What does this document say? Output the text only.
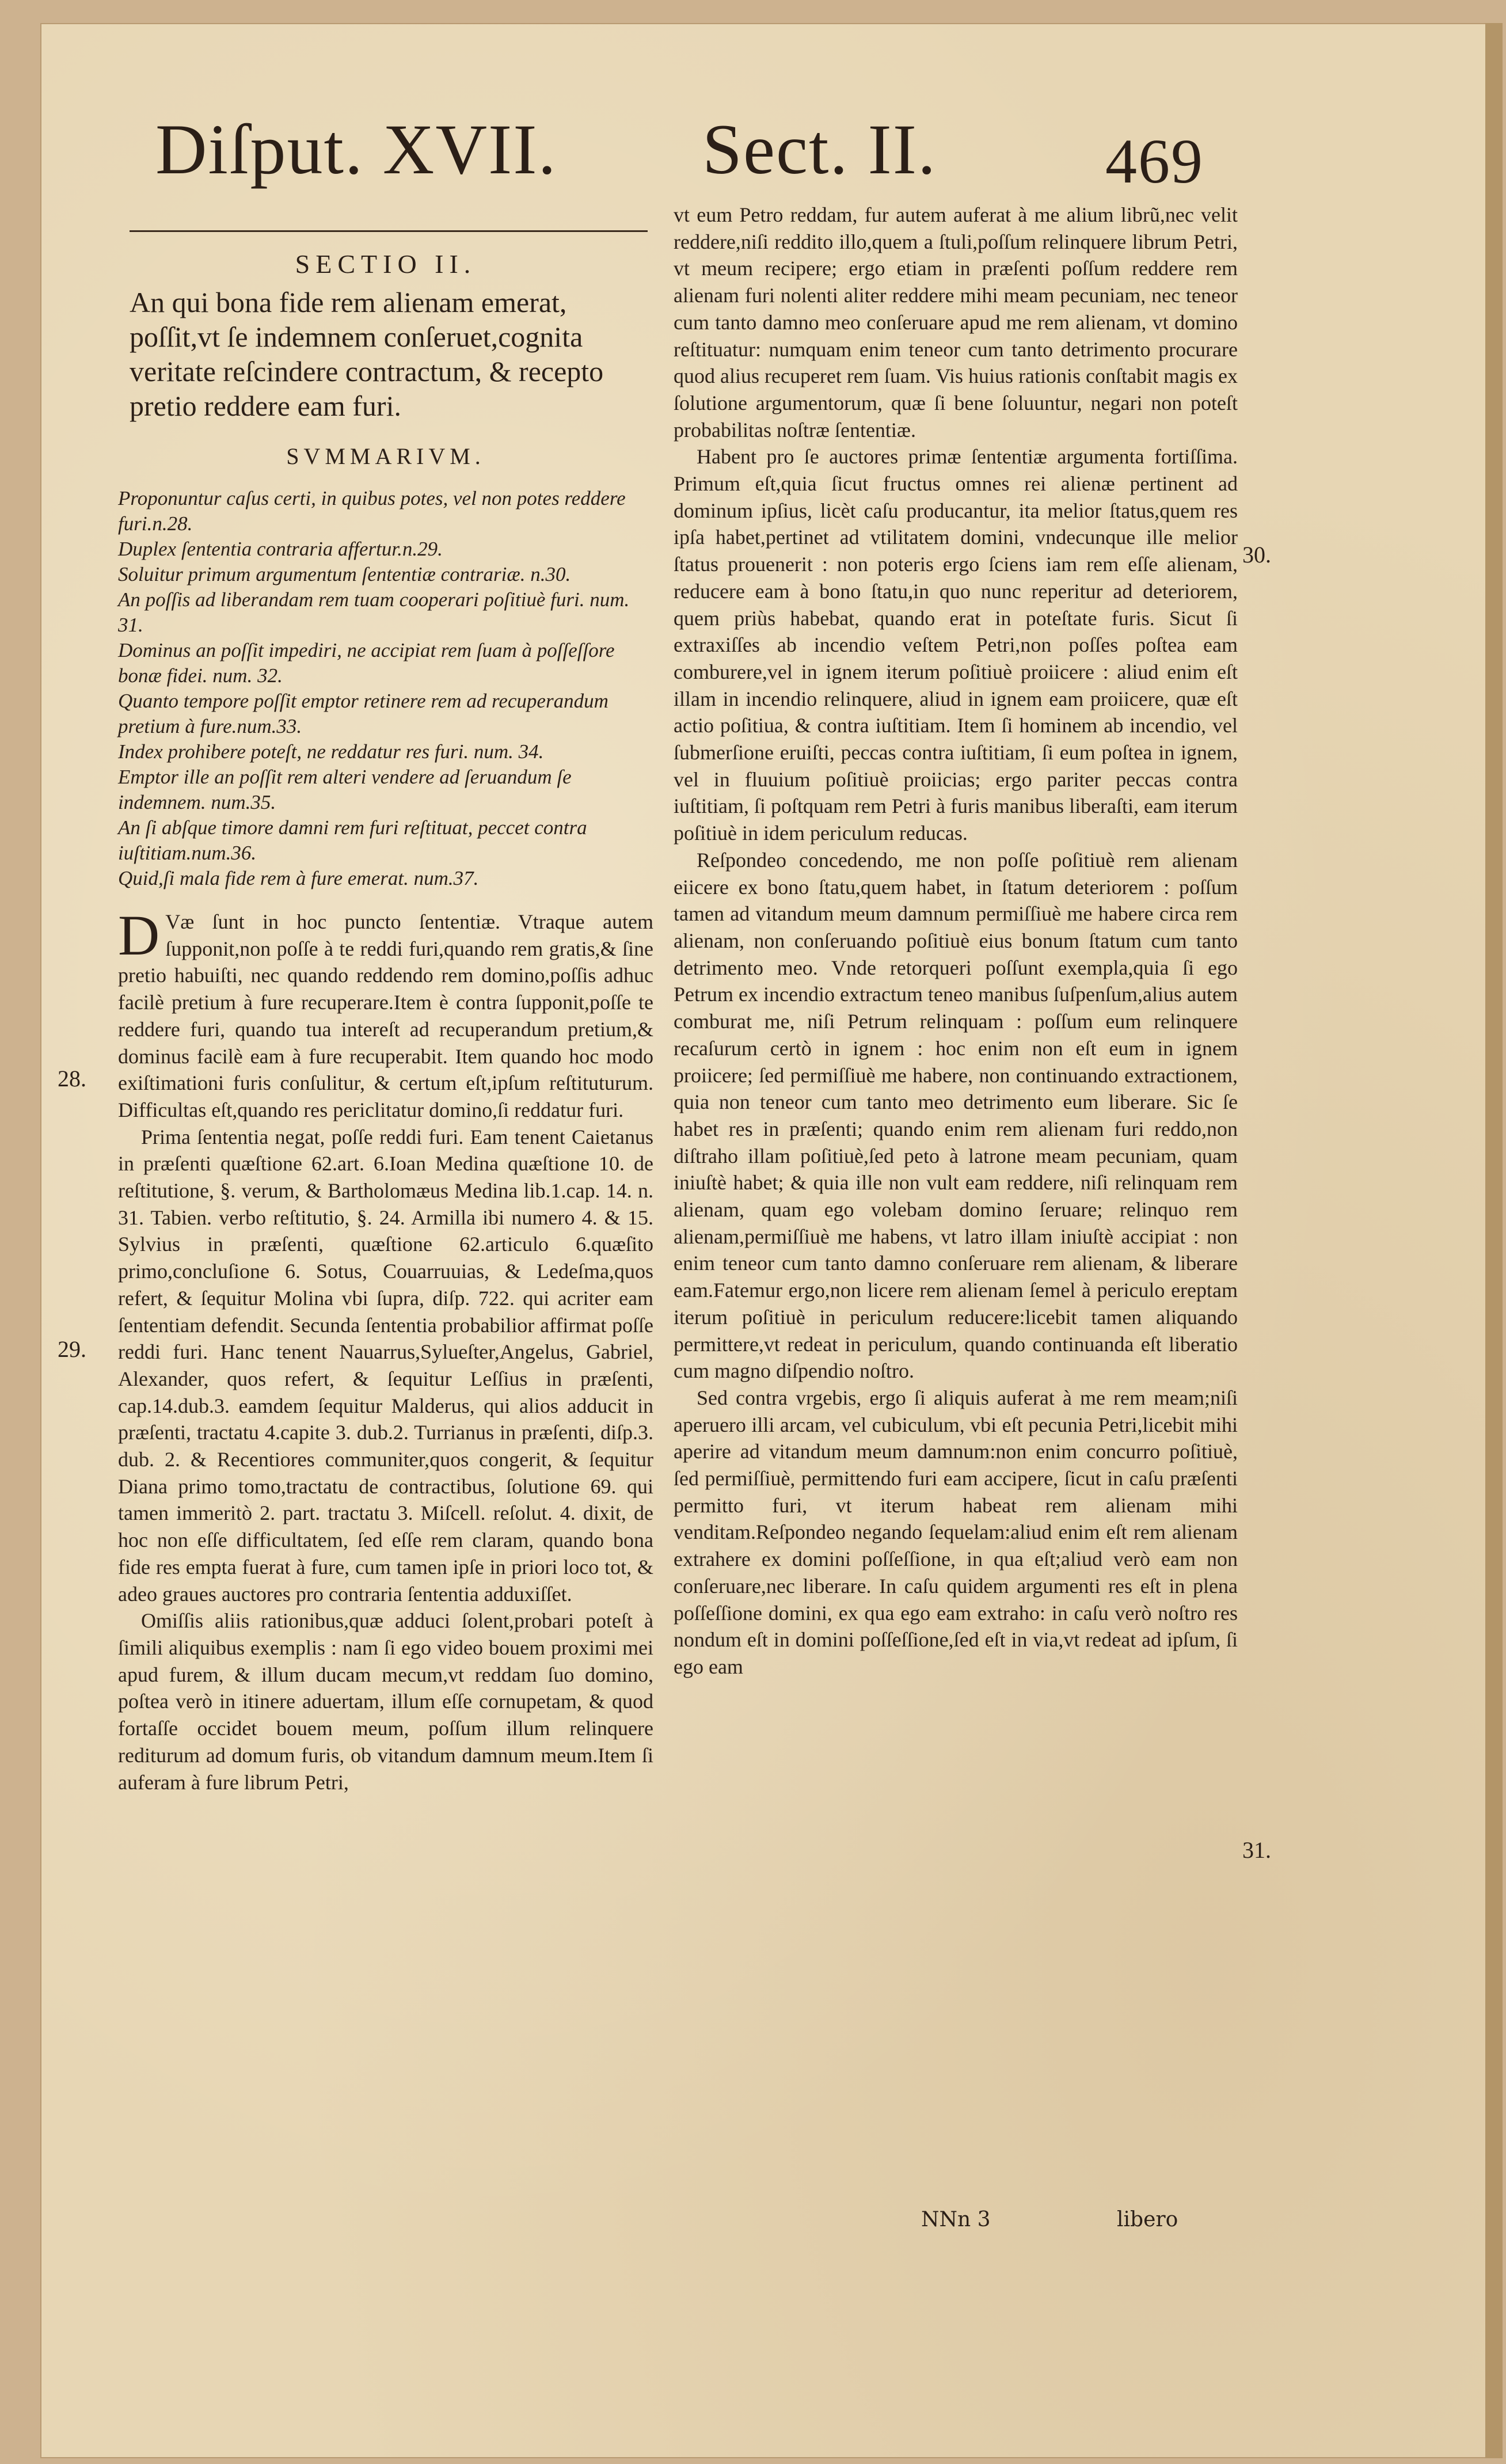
Diſput. XVII. Sect. II.	469
SECTIO II.

An qui bona fide rem alienam emerat, poſſit,vt ſe indemnem conſeruet,cognita veritate reſcindere contractum, & recepto pretio reddere eam furi.

SVMMARIVM.
Proponuntur caſus certi, in quibus potes, vel non potes reddere furi.n.28.
Duplex ſententia contraria affertur.n.29.
Soluitur primum argumentum ſententiæ contrariæ. n.30.
An poſſis ad liberandam rem tuam cooperari poſitiuè furi. num. 31.
Dominus an poſſit impediri, ne accipiat rem ſuam à poſſeſſore bonæ fidei. num. 32.
Quanto tempore poſſit emptor retinere rem ad recuperandum pretium à fure.num.33.
Index prohibere poteſt, ne reddatur res furi. num. 34.
Emptor ille an poſſit rem alteri vendere ad ſeruandum ſe indemnem. num.35.
An ſi abſque timore damni rem furi reſtituat, peccet contra iuſtitiam.num.36.
Quid,ſi mala fide rem à fure emerat. num.37.
D Væ ſunt in hoc puncto ſententiæ. Vtraque autem ſupponit,non poſſe à te reddi furi,quando rem gratis,& ſine pretio habuiſti, nec quando reddendo rem domino,poſſis adhuc facilè pretium à fure recuperare.Item è contra ſupponit,poſſe te reddere furi, quando tua intereſt ad recuperandum pretium,& dominus facilè eam à fure recuperabit. Item quando hoc modo exiſtimationi furis conſulitur, & certum eſt,ipſum reſtituturum. Difficultas eſt,quando res periclitatur domino,ſi reddatur furi.

Prima ſententia negat, poſſe reddi furi. Eam tenent Caietanus in præſenti quæſtione 62.art. 6.Ioan Medina quæſtione 10. de reſtitutione, §. verum, & Bartholomæus Medina lib.1.cap. 14. n. 31. Tabien. verbo reſtitutio, §. 24. Armilla ibi numero 4. & 15. Sylvius in præſenti, quæſtione 62.articulo 6.quæſito primo,concluſione 6. Sotus, Couarruuias, & Ledeſma,quos refert, & ſequitur Molina vbi ſupra, diſp. 722. qui acriter eam ſententiam defendit. Secunda ſententia probabilior affirmat poſſe reddi furi. Hanc tenent Nauarrus,Sylueſter,Angelus, Gabriel, Alexander, quos refert, & ſequitur Leſſius in præſenti, cap.14.dub.3. eamdem ſequitur Malderus, qui alios adducit in præſenti, tractatu 4.capite 3. dub.2. Turrianus in præſenti, diſp.3. dub. 2. & Recentiores communiter,quos congerit, & ſequitur Diana primo tomo,tractatu de contractibus, ſolutione 69. qui tamen immeritò 2. part. tractatu 3. Miſcell. reſolut. 4. dixit, de hoc non eſſe difficultatem, ſed eſſe rem claram, quando bona fide res empta fuerat à fure, cum tamen ipſe in priori loco tot, & adeo graues auctores pro contraria ſententia adduxiſſet.

Omiſſis aliis rationibus,quæ adduci ſolent,probari poteſt à ſimili aliquibus exemplis : nam ſi ego video bouem proximi mei apud furem, & illum ducam mecum,vt reddam ſuo domino, poſtea verò in itinere aduertam, illum eſſe cornupetam, & quod fortaſſe occidet bouem meum, poſſum illum relinquere rediturum ad domum furis, ob vitandum damnum meum.Item ſi auferam à fure librum Petri,

vt eum Petro reddam, fur autem auferat à me alium librũ,nec velit reddere,niſi reddito illo,quem a ſtuli,poſſum relinquere librum Petri, vt meum recipere; ergo etiam in præſenti poſſum reddere rem alienam furi nolenti aliter reddere mihi meam pecuniam, nec teneor cum tanto damno meo conſeruare apud me rem alienam, vt domino reſtituatur: numquam enim teneor cum tanto detrimento procurare quod alius recuperet rem ſuam. Vis huius rationis conſtabit magis ex ſolutione argumentorum, quæ ſi bene ſoluuntur, negari non poteſt probabilitas noſtræ ſententiæ.

Habent pro ſe auctores primæ ſententiæ argumenta fortiſſima. Primum eſt,quia ſicut fructus omnes rei alienæ pertinent ad dominum ipſius, licèt caſu producantur, ita melior ſtatus,quem res ipſa habet,pertinet ad vtilitatem domini, vndecunque ille melior ſtatus prouenerit : non poteris ergo ſciens iam rem eſſe alienam, reducere eam à bono ſtatu,in quo nunc reperitur ad deteriorem, quem priùs habebat, quando erat in poteſtate furis. Sicut ſi extraxiſſes ab incendio veſtem Petri,non poſſes poſtea eam comburere,vel in ignem iterum poſitiuè proiicere : aliud enim eſt illam in incendio relinquere, aliud in ignem eam proiicere, quæ eſt actio poſitiua, & contra iuſtitiam. Item ſi hominem ab incendio, vel ſubmerſione eruiſti, peccas contra iuſtitiam, ſi eum poſtea in ignem, vel in fluuium poſitiuè proiicias; ergo pariter peccas contra iuſtitiam, ſi poſtquam rem Petri à furis manibus liberaſti, eam iterum poſitiuè in idem periculum reducas.

Reſpondeo concedendo, me non poſſe poſitiuè rem alienam eiicere ex bono ſtatu,quem habet, in ſtatum deteriorem : poſſum tamen ad vitandum meum damnum permiſſiuè me habere circa rem alienam, non conſeruando poſitiuè eius bonum ſtatum cum tanto detrimento meo. Vnde retorqueri poſſunt exempla,quia ſi ego Petrum ex incendio extractum teneo manibus ſuſpenſum,alius autem comburat me, niſi Petrum relinquam : poſſum eum relinquere recaſurum certò in ignem : hoc enim non eſt eum in ignem proiicere; ſed permiſſiuè me habere, non continuando extractionem, quia non teneor cum tanto meo detrimento eum liberare. Sic ſe habet res in præſenti; quando enim rem alienam furi reddo,non diſtraho illam poſitiuè,ſed peto à latrone meam pecuniam, quam iniuſtè habet; & quia ille non vult eam reddere, niſi relinquam rem alienam, quam ego volebam domino ſeruare; relinquo rem alienam,permiſſiuè me habens, vt latro illam iniuſtè accipiat : non enim teneor cum tanto damno conſeruare rem alienam, & liberare eam.Fatemur ergo,non licere rem alienam ſemel à periculo ereptam iterum poſitiuè in periculum reducere:licebit tamen aliquando permittere,vt redeat in periculum, quando continuanda eſt liberatio cum magno diſpendio noſtro.

Sed contra vrgebis, ergo ſi aliquis auferat à me rem meam;niſi aperuero illi arcam, vel cubiculum, vbi eſt pecunia Petri,licebit mihi aperire ad vitandum meum damnum:non enim concurro poſitiuè, ſed permiſſiuè, permittendo furi eam accipere, ſicut in caſu præſenti permitto furi, vt iterum habeat rem alienam mihi venditam.Reſpondeo negando ſequelam:aliud enim eſt rem alienam extrahere ex domini poſſeſſione, in qua eſt;aliud verò eam non conſeruare,nec liberare. In caſu quidem argumenti res eſt in plena poſſeſſione domini, ex qua ego eam extraho: in caſu verò noſtro res nondum eſt in domini poſſeſſione,ſed eſt in via,vt redeat ad ipſum, ſi ego eam

28.
29.
30.
31.
NNn 3	libero
